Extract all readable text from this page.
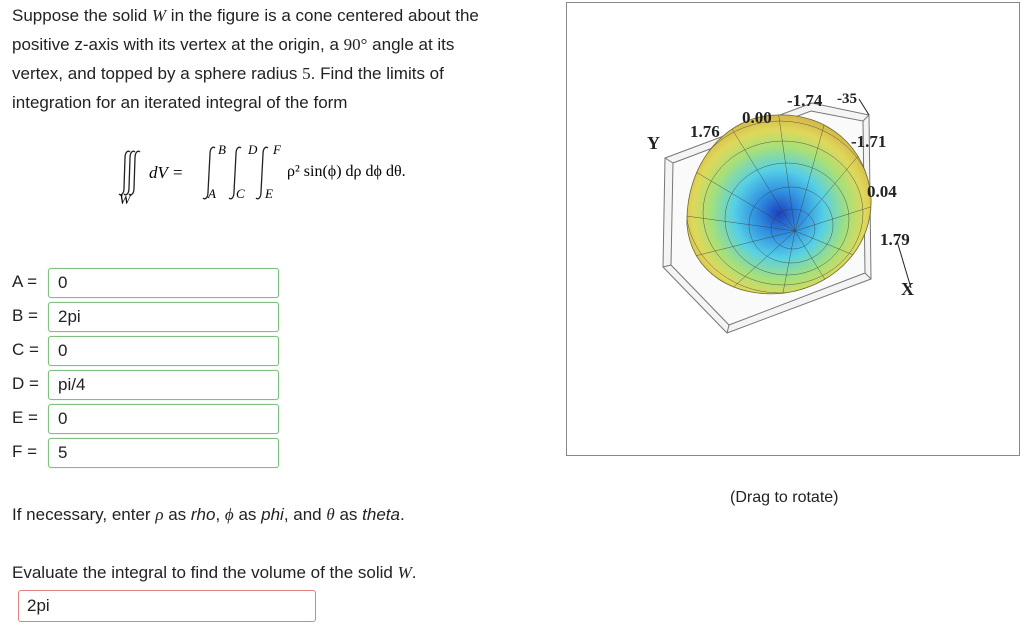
Suppose the solid W in the figure is a cone centered about the
positive z-axis with its vertex at the origin, a 90° angle at its
vertex, and topped by a sphere radius 5. Find the limits of
integration for an iterated integral of the form
W
dV =
B
A
D
C
F
E
ρ² sin(ϕ) dρ dϕ dθ.
A =
0
B =
2pi
C =
0
D =
pi/4
E =
0
F =
5
If necessary, enter ρ as rho, ϕ as phi, and θ as theta.
Evaluate the integral to find the volume of the solid W.
2pi
Y
X
1.76
0.00
-1.74 -35
-1.71
0.04
1.79
(Drag to rotate)
